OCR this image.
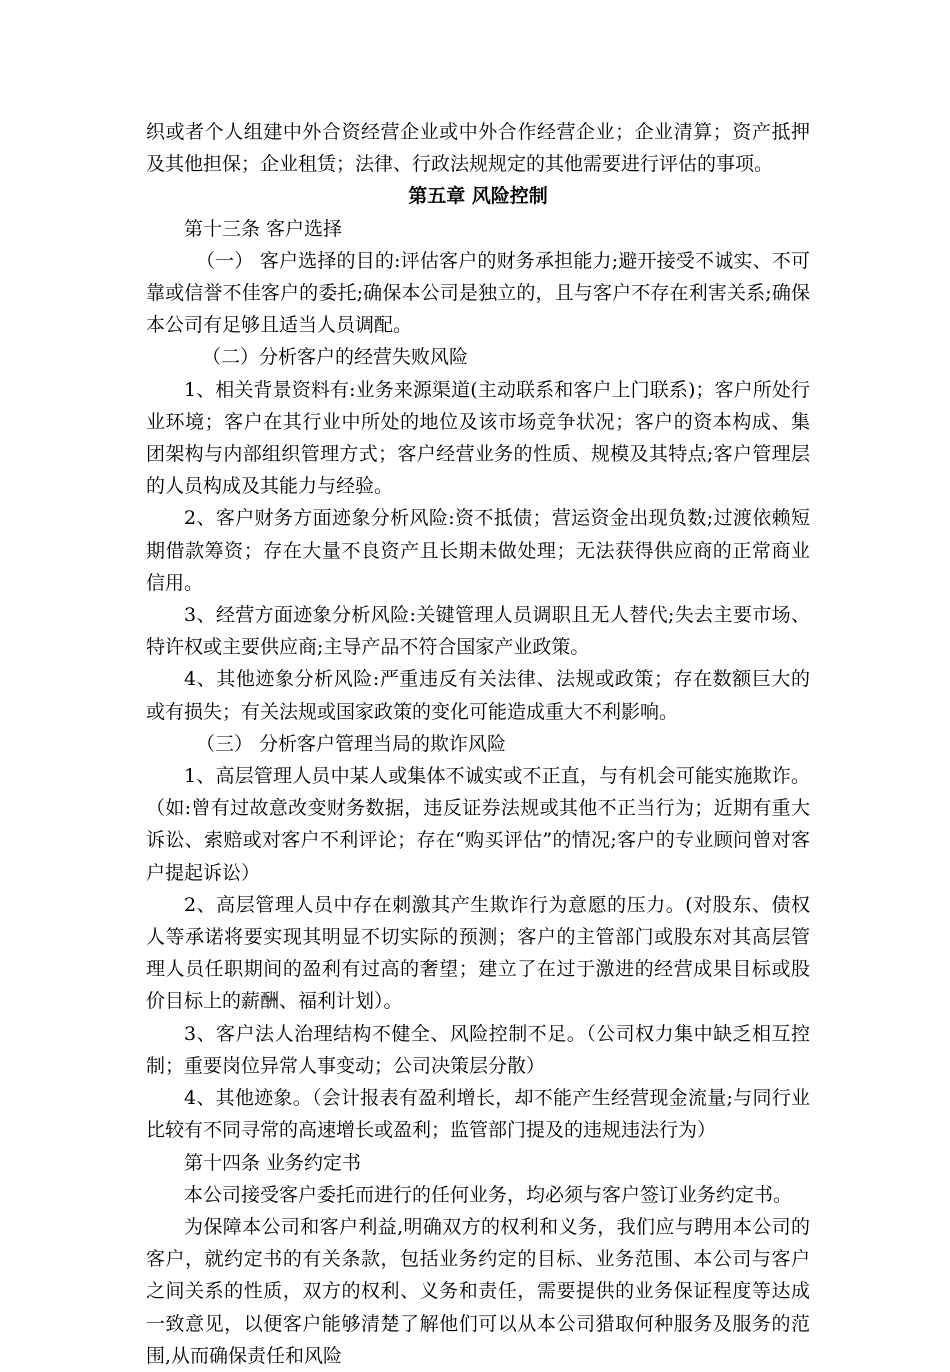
织或者个人组建中外合资经营企业或中外合作经营企业；企业清算；资产抵押及其他担保；企业租赁；法律、行政法规规定的其他需要进行评估的事项。

第五章 风险控制

第十三条 客户选择

（一） 客户选择的目的:评估客户的财务承担能力;避开接受不诚实、不可靠或信誉不佳客户的委托;确保本公司是独立的，且与客户不存在利害关系;确保本公司有足够且适当人员调配。

（二）分析客户的经营失败风险

1、相关背景资料有:业务来源渠道(主动联系和客户上门联系)；客户所处行业环境；客户在其行业中所处的地位及该市场竞争状况；客户的资本构成、集团架构与内部组织管理方式；客户经营业务的性质、规模及其特点;客户管理层的人员构成及其能力与经验。

2、客户财务方面迹象分析风险:资不抵债；营运资金出现负数;过渡依赖短期借款筹资；存在大量不良资产且长期未做处理；无法获得供应商的正常商业信用。

3、经营方面迹象分析风险:关键管理人员调职且无人替代;失去主要市场、特许权或主要供应商;主导产品不符合国家产业政策。

4、其他迹象分析风险:严重违反有关法律、法规或政策；存在数额巨大的或有损失；有关法规或国家政策的变化可能造成重大不利影响。

（三） 分析客户管理当局的欺诈风险

1、高层管理人员中某人或集体不诚实或不正直，与有机会可能实施欺诈。（如:曾有过故意改变财务数据，违反证券法规或其他不正当行为；近期有重大诉讼、索赔或对客户不利评论；存在“购买评估”的情况;客户的专业顾问曾对客户提起诉讼）

2、高层管理人员中存在刺激其产生欺诈行为意愿的压力。(对股东、债权人等承诺将要实现其明显不切实际的预测；客户的主管部门或股东对其高层管理人员任职期间的盈利有过高的奢望；建立了在过于激进的经营成果目标或股价目标上的薪酬、福利计划）。

3、客户法人治理结构不健全、风险控制不足。（公司权力集中缺乏相互控制；重要岗位异常人事变动；公司决策层分散）

4、其他迹象。（会计报表有盈利增长，却不能产生经营现金流量;与同行业比较有不同寻常的高速增长或盈利；监管部门提及的违规违法行为）

第十四条 业务约定书

本公司接受客户委托而进行的任何业务，均必须与客户签订业务约定书。

为保障本公司和客户利益,明确双方的权利和义务，我们应与聘用本公司的客户，就约定书的有关条款，包括业务约定的目标、业务范围、本公司与客户之间关系的性质，双方的权利、义务和责任，需要提供的业务保证程度等达成一致意见，以便客户能够清楚了解他们可以从本公司猎取何种服务及服务的范围,从而确保责任和风险
